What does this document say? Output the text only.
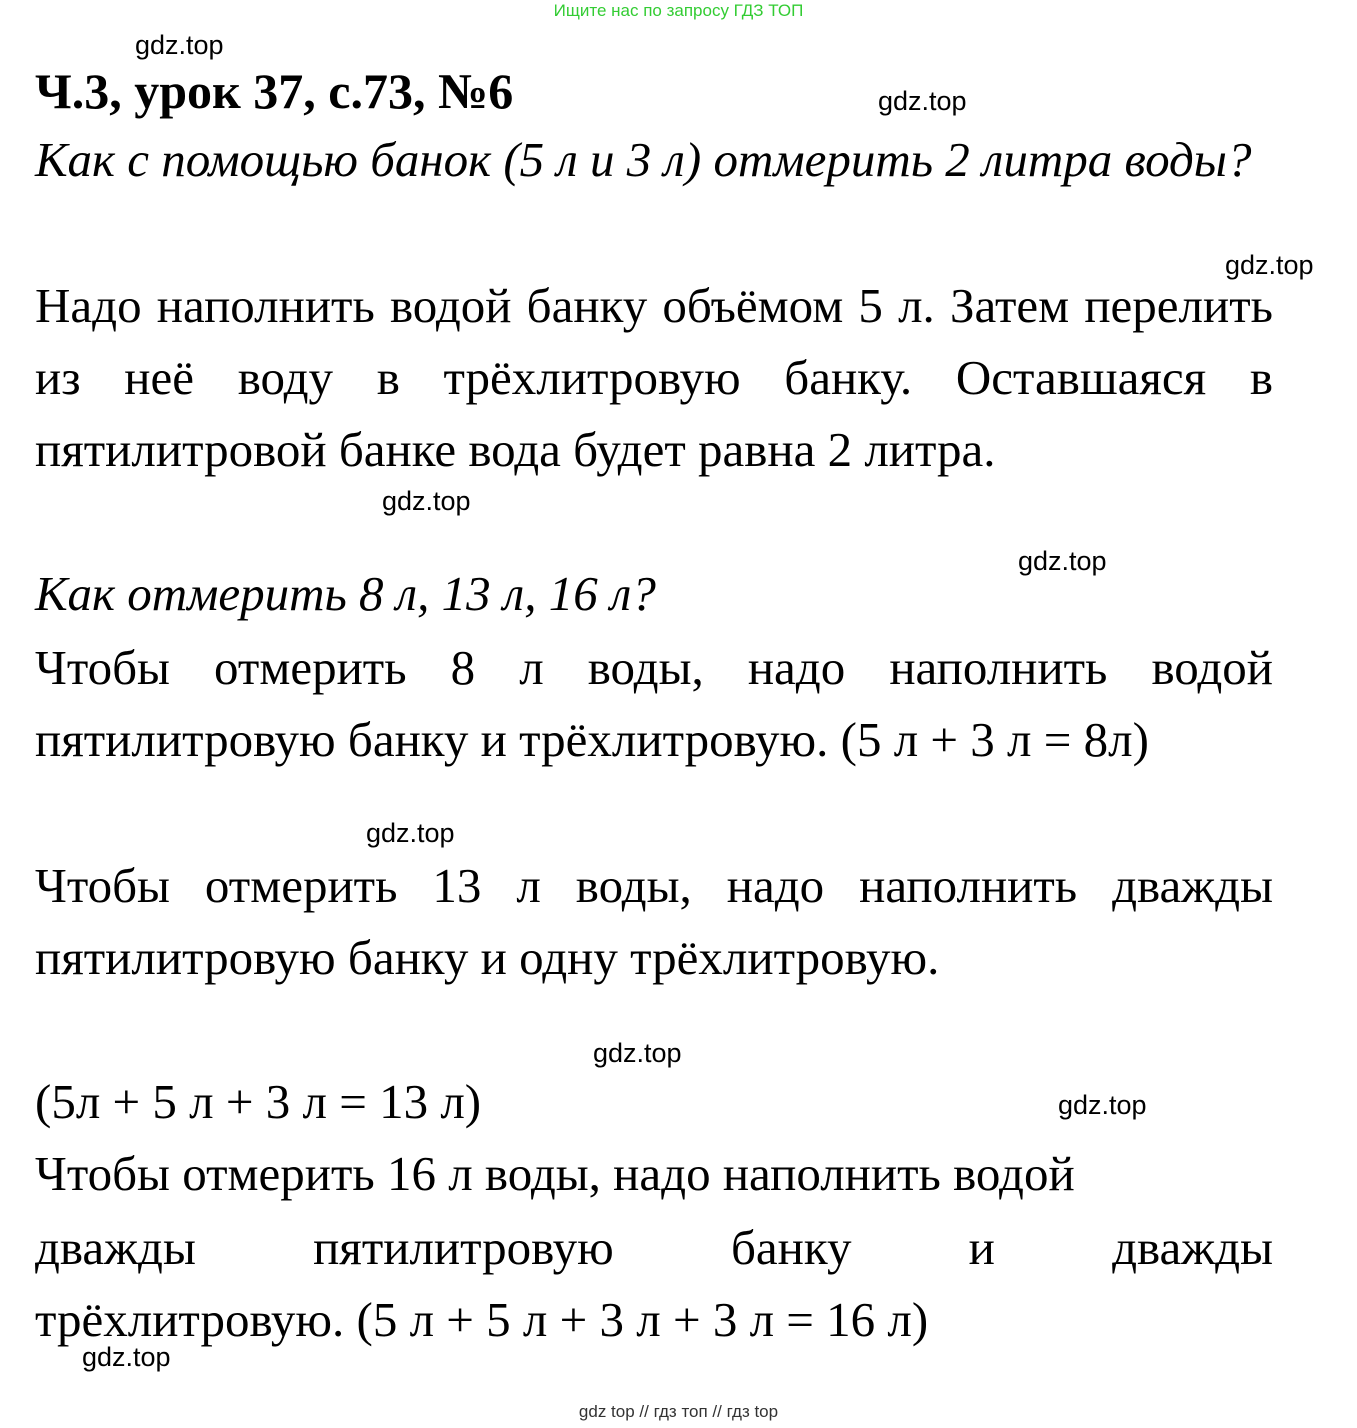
Ищите нас по запросу ГДЗ ТОП
gdz.top
gdz.top
gdz.top
gdz.top
gdz.top
gdz.top
gdz.top
gdz.top
gdz.top
Ч.3, урок 37, с.73, №6

Как с помощью банок (5 л и 3 л) отмерить 2 литра воды?

Надо наполнить водой банку объёмом 5 л. Затем перелить из неё воду в трёхлитровую банку. Оставшаяся в пятилитровой банке вода будет равна 2 литра.

Как отмерить 8 л, 13 л, 16 л?

Чтобы отмерить 8 л воды, надо наполнить водой пятилитровую банку и трёхлитровую. (5 л + 3 л = 8л)

Чтобы отмерить 13 л воды, надо наполнить дважды пятилитровую банку и одну трёхлитровую.

(5л + 5 л + 3 л = 13 л)

Чтобы отмерить 16 л воды, надо наполнить водой

дважды пятилитровую банку и дважды

трёхлитровую. (5 л + 5 л + 3 л + 3 л = 16 л)

gdz top // гдз топ // гдз top
